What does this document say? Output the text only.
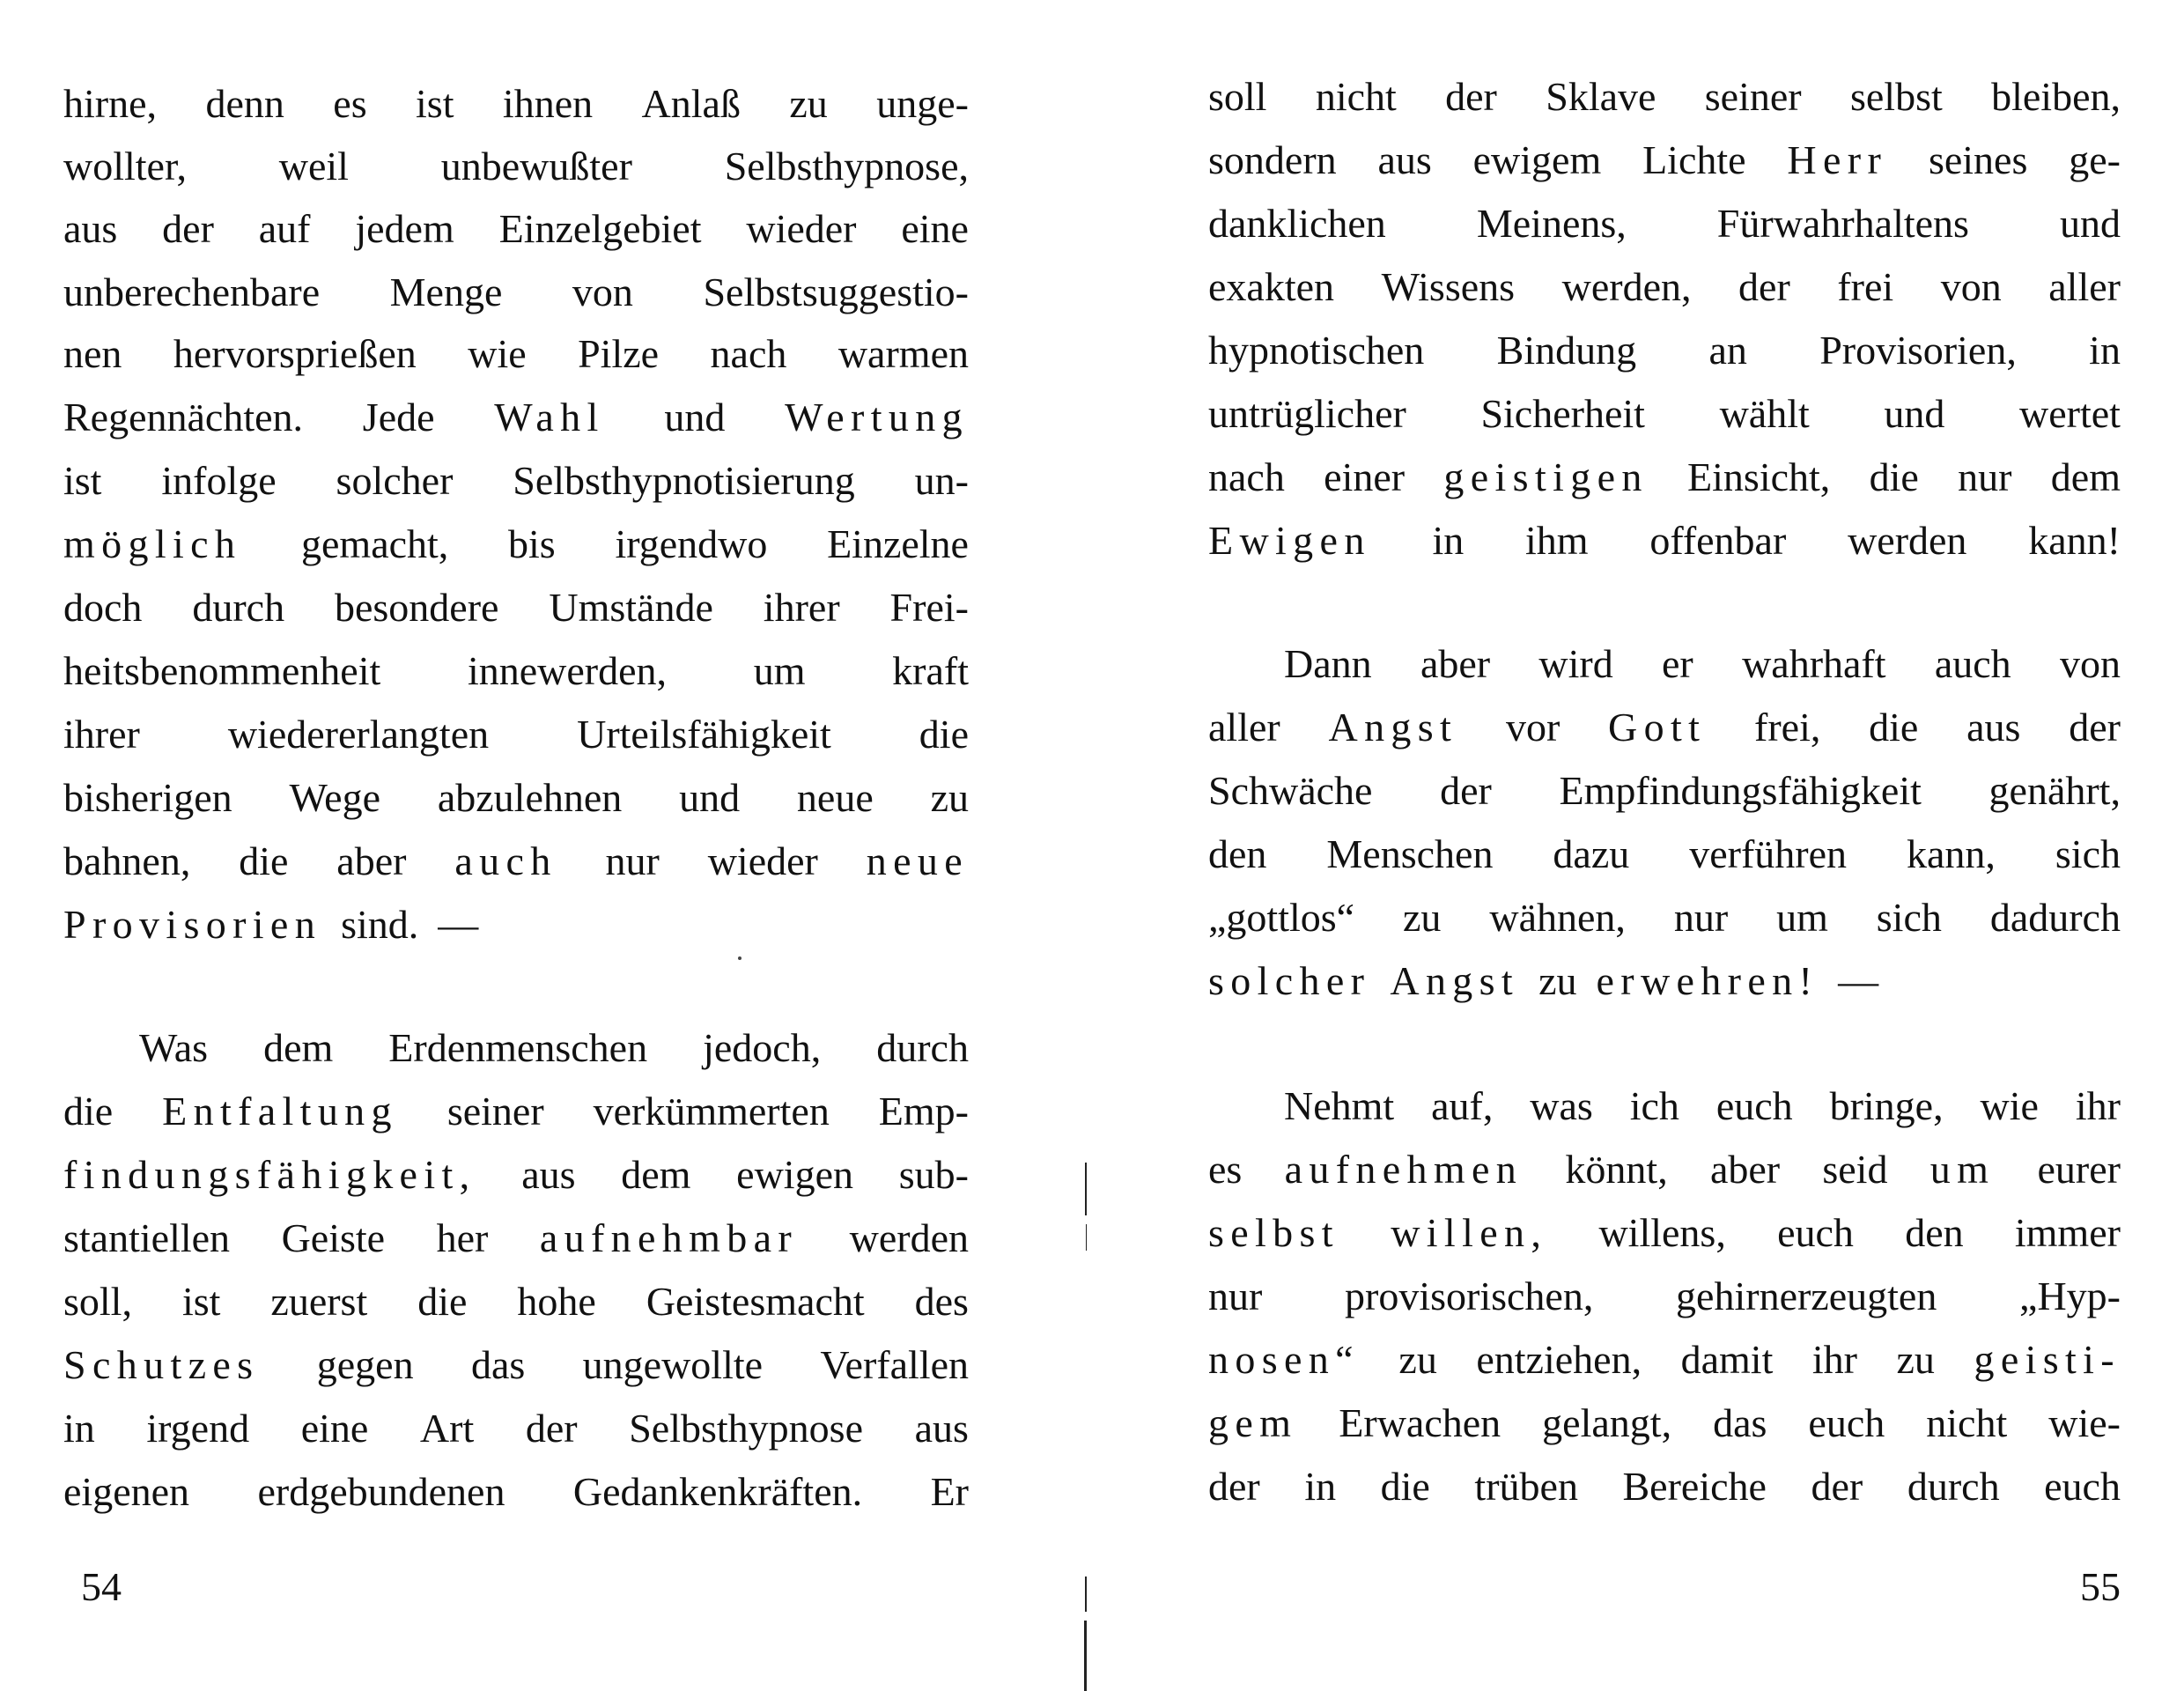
hirne, denn es ist ihnen Anlaß zu unge-
wollter, weil unbewußter Selbsthypnose,
aus der auf jedem Einzelgebiet wieder eine
unberechenbare Menge von Selbstsuggestio-
nen hervorsprießen wie Pilze nach warmen
Regennächten. Jede Wahl und Wertung
ist infolge solcher Selbsthypnotisierung un-
möglich gemacht, bis irgendwo Einzelne
doch durch besondere Umstände ihrer Frei-
heitsbenommenheit innewerden, um kraft
ihrer wiedererlangten Urteilsfähigkeit die
bisherigen Wege abzulehnen und neue zu
bahnen, die aber auch nur wieder neue
Provisorien sind. —
Was dem Erdenmenschen jedoch, durch
die Entfaltung seiner verkümmerten Emp-
findungsfähigkeit, aus dem ewigen sub-
stantiellen Geiste her aufnehmbar werden
soll, ist zuerst die hohe Geistesmacht des
Schutzes gegen das ungewollte Verfallen
in irgend eine Art der Selbsthypnose aus
eigenen erdgebundenen Gedankenkräften. Er
54
soll nicht der Sklave seiner selbst bleiben,
sondern aus ewigem Lichte Herr seines ge-
danklichen Meinens, Fürwahrhaltens und
exakten Wissens werden, der frei von aller
hypnotischen Bindung an Provisorien, in
untrüglicher Sicherheit wählt und wertet
nach einer geistigen Einsicht, die nur dem
Ewigen in ihm offenbar werden kann!
Dann aber wird er wahrhaft auch von
aller Angst vor Gott frei, die aus der
Schwäche der Empfindungsfähigkeit genährt,
den Menschen dazu verführen kann, sich
„gottlos“ zu wähnen, nur um sich dadurch
solcher Angst zu erwehren! —
Nehmt auf, was ich euch bringe, wie ihr
es aufnehmen könnt, aber seid um eurer
selbst willen, willens, euch den immer
nur provisorischen, gehirnerzeugten „Hyp-
nosen“ zu entziehen, damit ihr zu geisti-
gem Erwachen gelangt, das euch nicht wie-
der in die trüben Bereiche der durch euch
55
